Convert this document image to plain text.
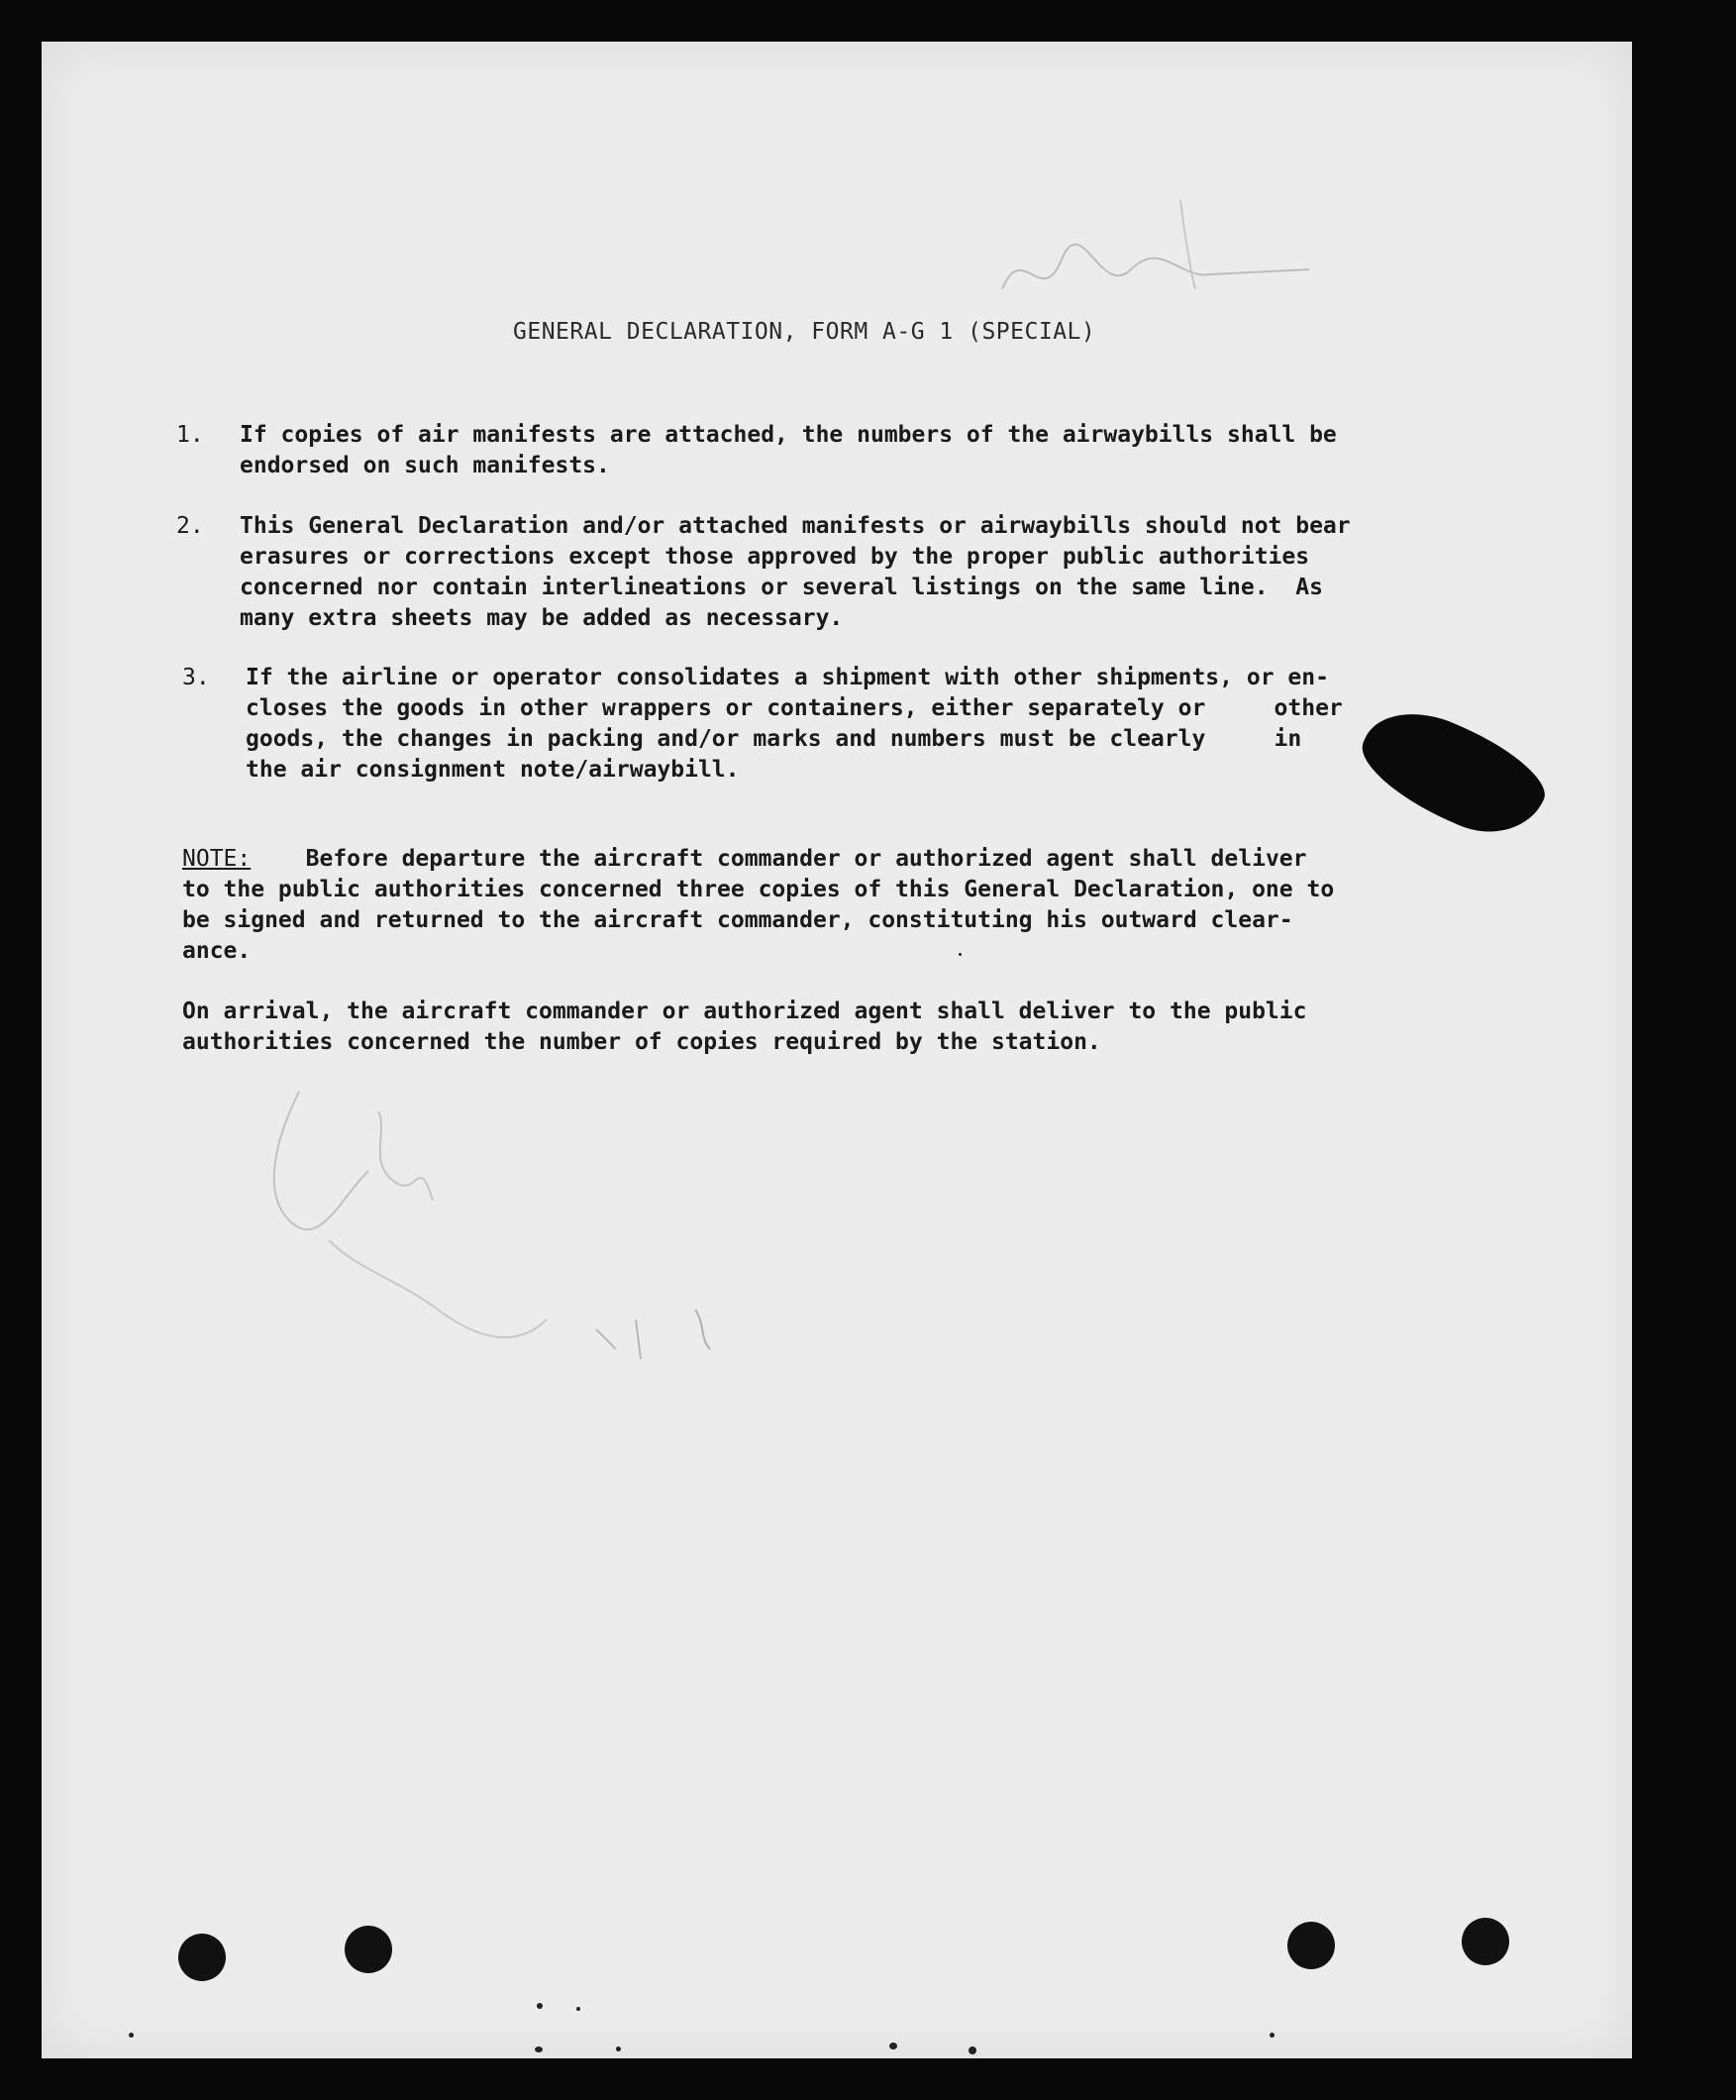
GENERAL DECLARATION, FORM A-G 1 (SPECIAL)
1.	If copies of air manifests are attached, the numbers of the airwaybills shall be
endorsed on such manifests.
2.	This General Declaration and/or attached manifests or airwaybills should not bear
erasures or corrections except those approved by the proper public authorities
concerned nor contain interlineations or several listings on the same line.  As
many extra sheets may be added as necessary.
3.	If the airline or operator consolidates a shipment with other shipments, or en-
closes the goods in other wrappers or containers, either separately or     other
goods, the changes in packing and/or marks and numbers must be clearly     in
the air consignment note/airwaybill.
NOTE:    Before departure the aircraft commander or authorized agent shall deliver
to the public authorities concerned three copies of this General Declaration, one to
be signed and returned to the aircraft commander, constituting his outward clear-
ance.
On arrival, the aircraft commander or authorized agent shall deliver to the public
authorities concerned the number of copies required by the station.
